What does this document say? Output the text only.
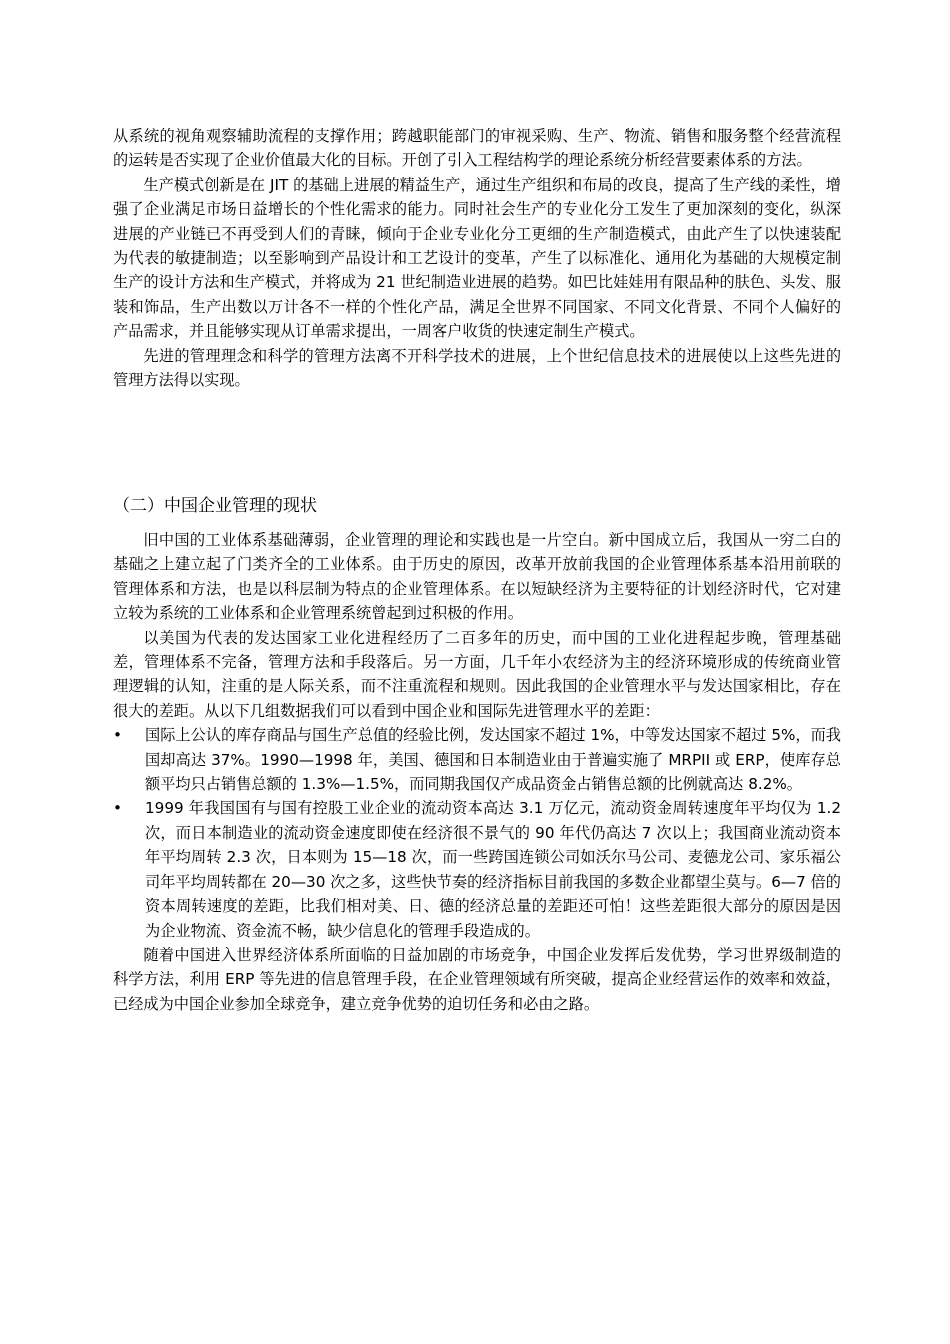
从系统的视角观察辅助流程的支撑作用；跨越职能部门的审视采购、生产、物流、销售和服务整个经营流程的运转是否实现了企业价值最大化的目标。开创了引入工程结构学的理论系统分析经营要素体系的方法。

生产模式创新是在 JIT 的基础上进展的精益生产，通过生产组织和布局的改良，提高了生产线的柔性，增强了企业满足市场日益增长的个性化需求的能力。同时社会生产的专业化分工发生了更加深刻的变化，纵深进展的产业链已不再受到人们的青睐，倾向于企业专业化分工更细的生产制造模式，由此产生了以快速装配为代表的敏捷制造；以至影响到产品设计和工艺设计的变革，产生了以标准化、通用化为基础的大规模定制生产的设计方法和生产模式，并将成为 21 世纪制造业进展的趋势。如巴比娃娃用有限品种的肤色、头发、服装和饰品，生产出数以万计各不一样的个性化产品，满足全世界不同国家、不同文化背景、不同个人偏好的产品需求，并且能够实现从订单需求提出，一周客户收货的快速定制生产模式。

先进的管理理念和科学的管理方法离不开科学技术的进展，上个世纪信息技术的进展使以上这些先进的管理方法得以实现。

（二）中国企业管理的现状

旧中国的工业体系基础薄弱，企业管理的理论和实践也是一片空白。新中国成立后，我国从一穷二白的基础之上建立起了门类齐全的工业体系。由于历史的原因，改革开放前我国的企业管理体系基本沿用前联的管理体系和方法，也是以科层制为特点的企业管理体系。在以短缺经济为主要特征的计划经济时代，它对建立较为系统的工业体系和企业管理系统曾起到过积极的作用。

以美国为代表的发达国家工业化进程经历了二百多年的历史，而中国的工业化进程起步晚，管理基础差，管理体系不完备，管理方法和手段落后。另一方面，几千年小农经济为主的经济环境形成的传统商业管理逻辑的认知，注重的是人际关系，而不注重流程和规则。因此我国的企业管理水平与发达国家相比，存在很大的差距。从以下几组数据我们可以看到中国企业和国际先进管理水平的差距：

• 国际上公认的库存商品与国生产总值的经验比例，发达国家不超过 1%，中等发达国家不超过 5%，而我国却高达 37%。1990—1998 年，美国、德国和日本制造业由于普遍实施了 MRPII 或 ERP，使库存总额平均只占销售总额的 1.3%—1.5%，而同期我国仅产成品资金占销售总额的比例就高达 8.2%。

• 1999 年我国国有与国有控股工业企业的流动资本高达 3.1 万亿元，流动资金周转速度年平均仅为 1.2 次，而日本制造业的流动资金速度即使在经济很不景气的 90 年代仍高达 7 次以上；我国商业流动资本年平均周转 2.3 次，日本则为 15—18 次，而一些跨国连锁公司如沃尔马公司、麦德龙公司、家乐福公司年平均周转都在 20—30 次之多，这些快节奏的经济指标目前我国的多数企业都望尘莫与。6—7 倍的资本周转速度的差距，比我们相对美、日、德的经济总量的差距还可怕！这些差距很大部分的原因是因为企业物流、资金流不畅，缺少信息化的管理手段造成的。

随着中国进入世界经济体系所面临的日益加剧的市场竞争，中国企业发挥后发优势，学习世界级制造的科学方法，利用 ERP 等先进的信息管理手段，在企业管理领域有所突破，提高企业经营运作的效率和效益，已经成为中国企业参加全球竞争，建立竞争优势的迫切任务和必由之路。
